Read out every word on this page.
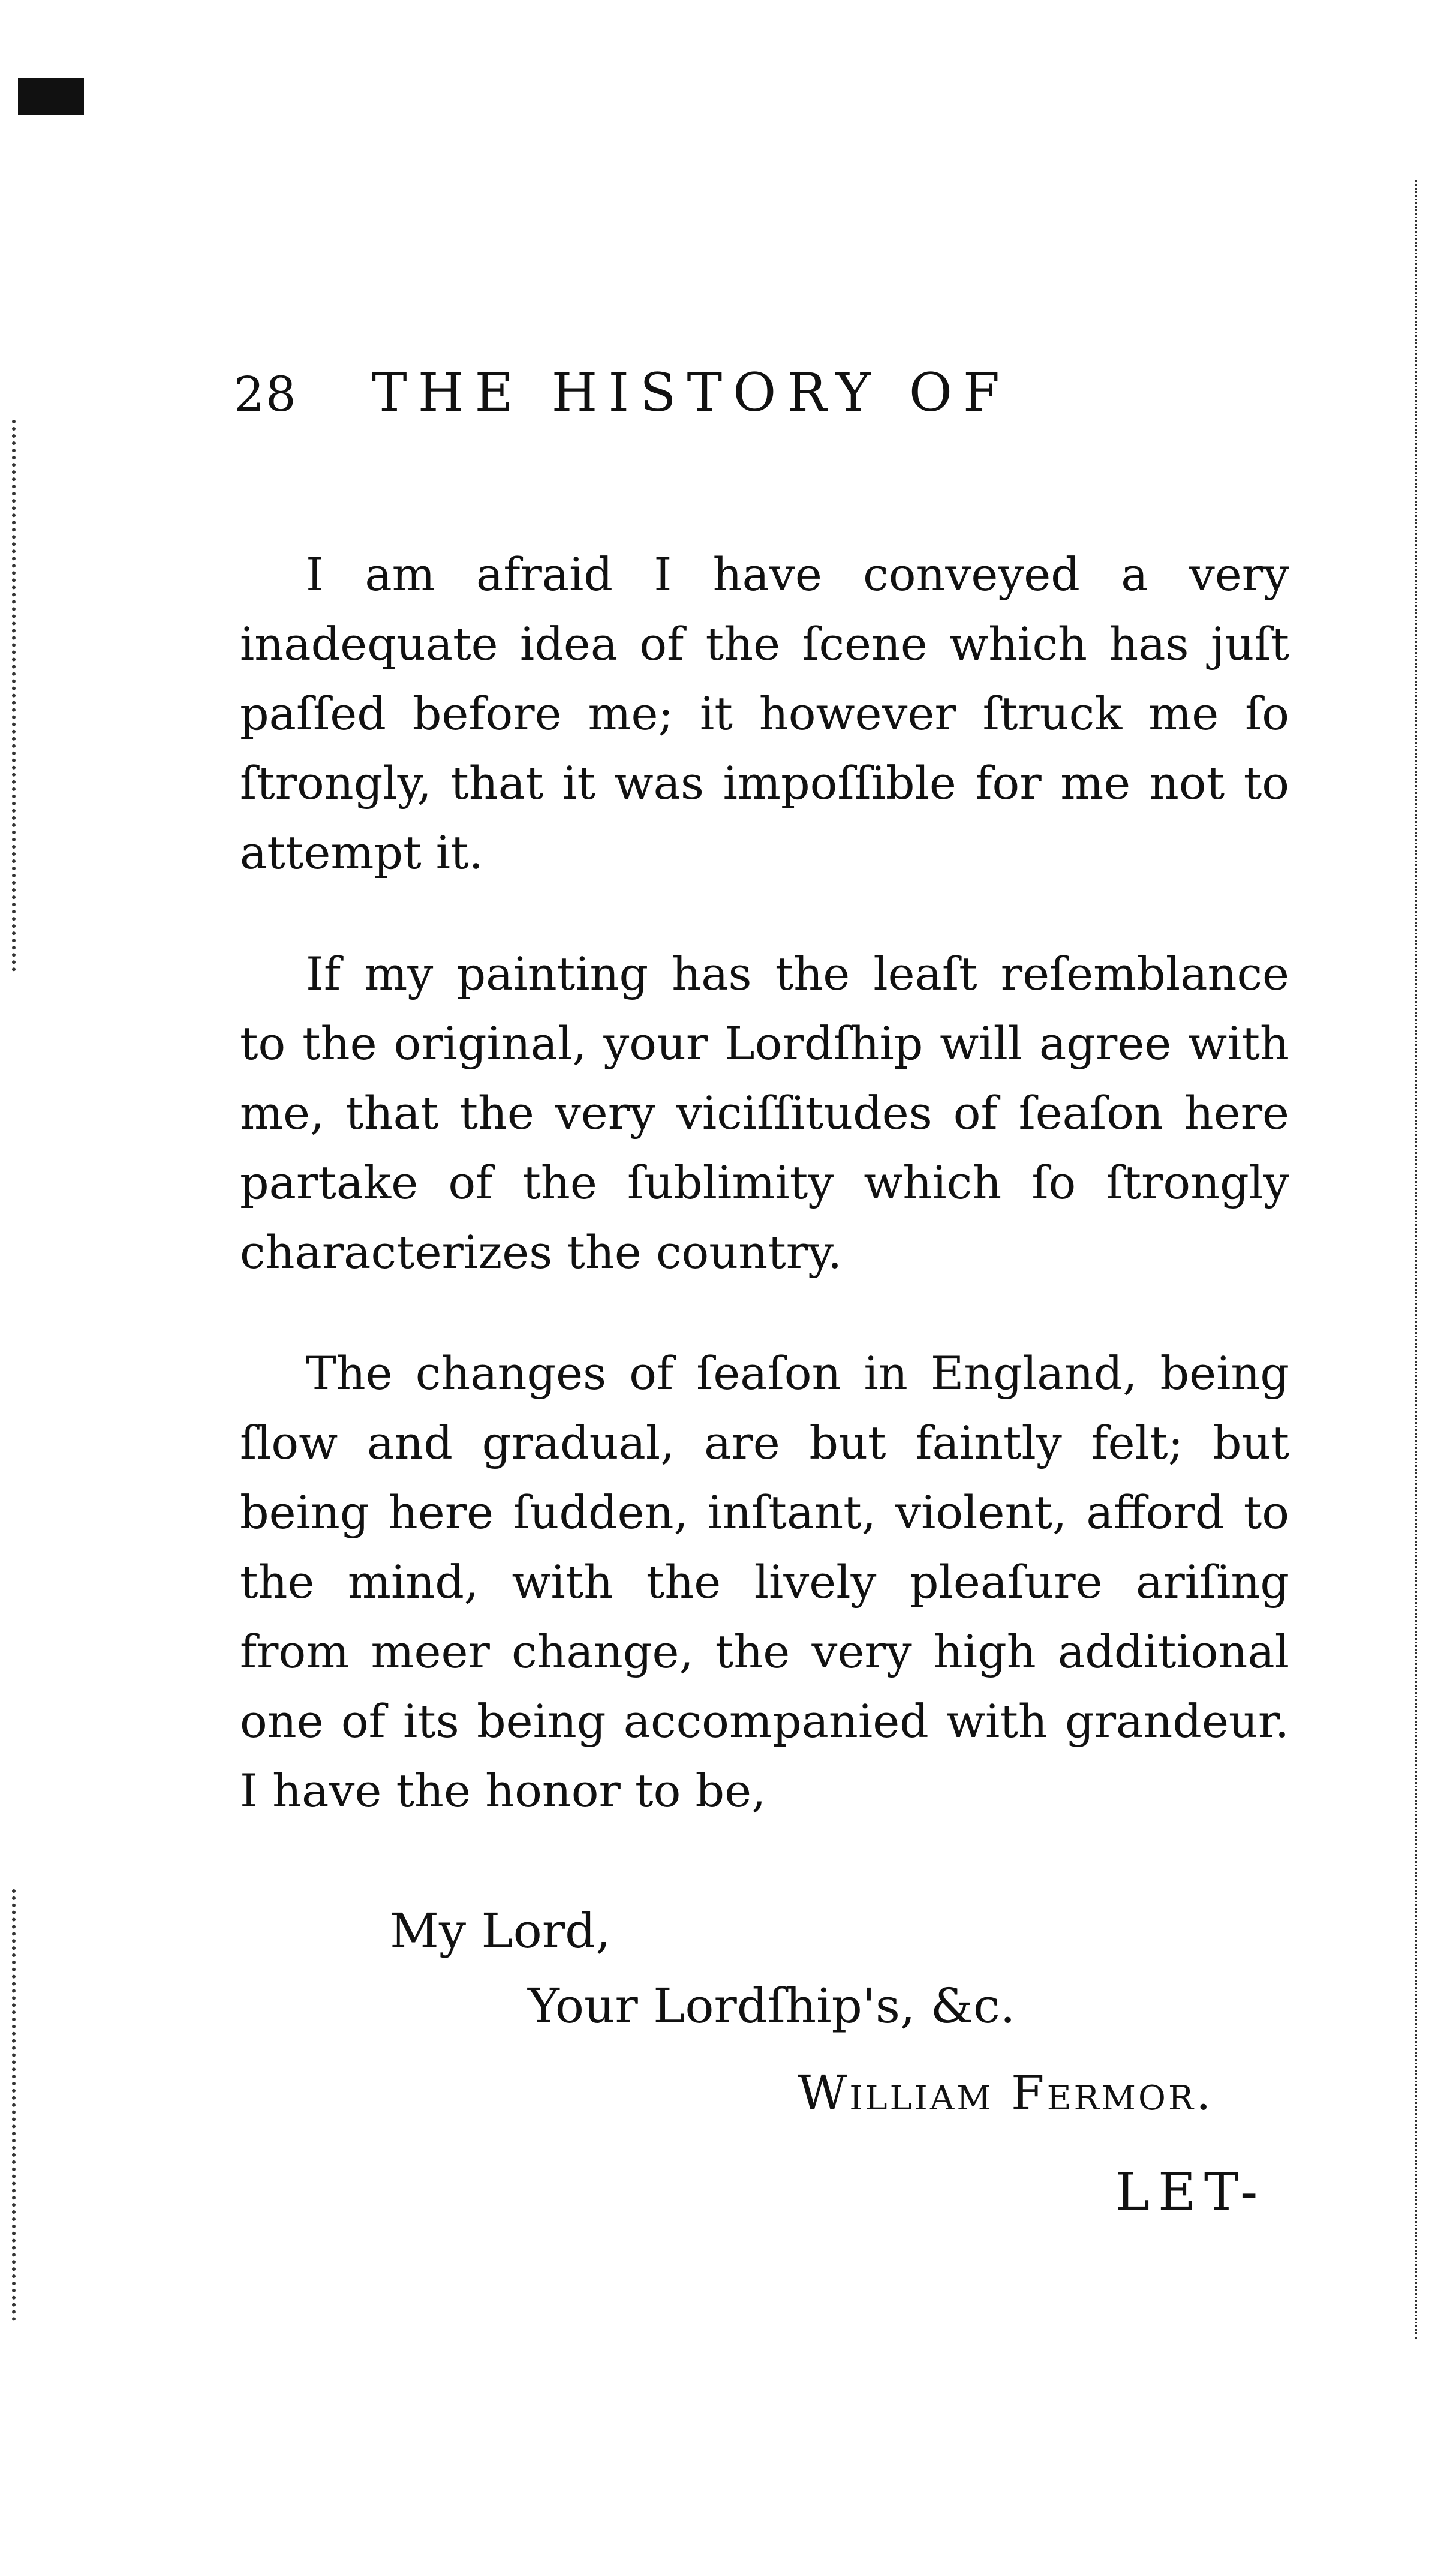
28 THE HISTORY OF

I am afraid I have conveyed a very inadequate idea of the ſcene which has juſt paſſed before me; it however ſtruck me ſo ſtrongly, that it was impoſſible for me not to attempt it.

If my painting has the leaſt reſemblance to the original, your Lordſhip will agree with me, that the very viciſſitudes of ſeaſon here partake of the ſublimity which ſo ſtrongly characterizes the country.

The changes of ſeaſon in England, being ſlow and gradual, are but faintly felt; but being here ſudden, inſtant, violent, afford to the mind, with the lively pleaſure ariſing from meer change, the very high additional one of its being accompanied with grandeur. I have the honor to be,

My Lord,
Your Lordſhip's, &c.
William Fermor.
LET-
